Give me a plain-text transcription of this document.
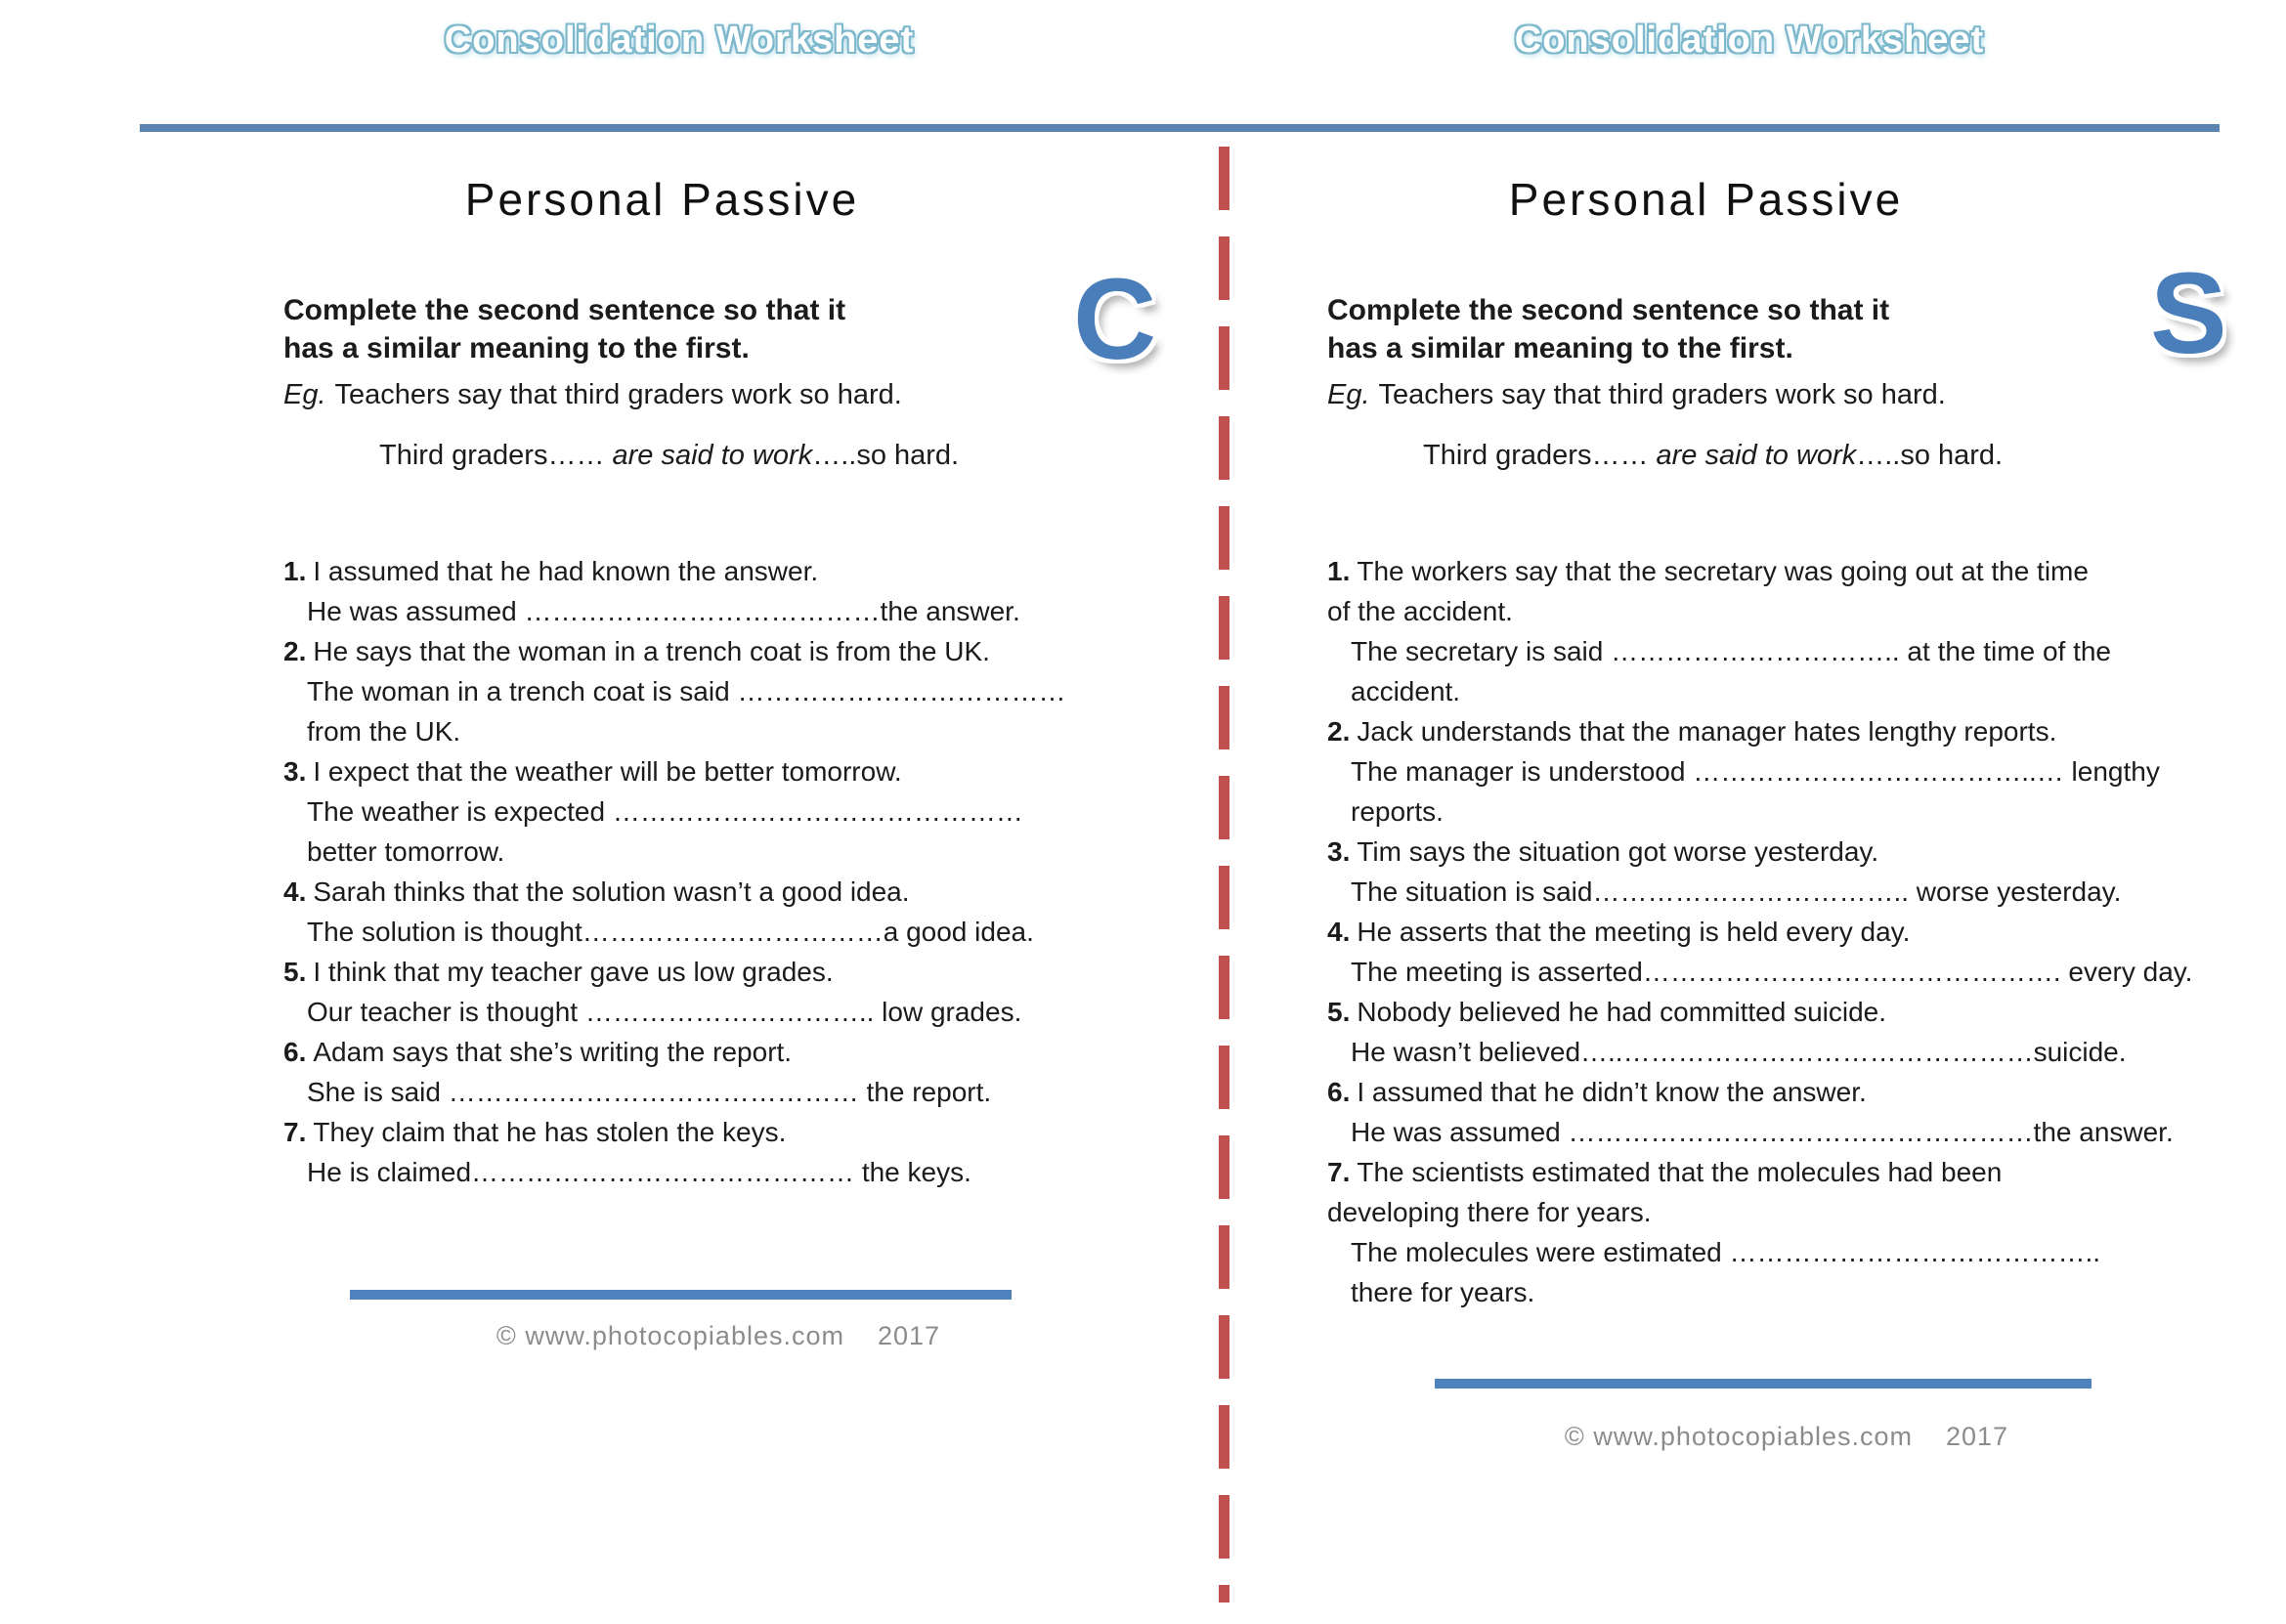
Consolidation Worksheet	Consolidation Worksheet
C	S
Personal Passive

Complete the second sentence so that it
has a similar meaning to the first.

Eg. Teachers say that third graders work so hard.

Third graders…… are said to work…..so hard.

1. I assumed that he had known the answer.
He was assumed …………………………………the answer.
2. He says that the woman in a trench coat is from the UK.
The woman in a trench coat is said ………………………………
from the UK.
3. I expect that the weather will be better tomorrow.
The weather is expected ………………………………………
better tomorrow.
4. Sarah thinks that the solution wasn’t a good idea.
The solution is thought……………………………a good idea.
5. I think that my teacher gave us low grades.
Our teacher is thought ………………………….. low grades.
6. Adam says that she’s writing the report.
She is said ……………………………………… the report.
7. They claim that he has stolen the keys.
He is claimed…………………………………… the keys.
© www.photocopiables.com 2017
Personal Passive

Complete the second sentence so that it
has a similar meaning to the first.

Eg. Teachers say that third graders work so hard.

Third graders…… are said to work…..so hard.

1. The workers say that the secretary was going out at the time
of the accident.
The secretary is said ………………………….. at the time of the
accident.
2. Jack understands that the manager hates lengthy reports.
The manager is understood ………………………………..… lengthy
reports.
3. Tim says the situation got worse yesterday.
The situation is said…………………………….. worse yesterday.
4. He asserts that the meeting is held every day.
The meeting is asserted………………………………………. every day.
5. Nobody believed he had committed suicide.
He wasn’t believed…..………………………………………suicide.
6. I assumed that he didn’t know the answer.
He was assumed ……………………………………………the answer.
7. The scientists estimated that the molecules had been
developing there for years.
The molecules were estimated …………………………………..
there for years.
© www.photocopiables.com 2017
